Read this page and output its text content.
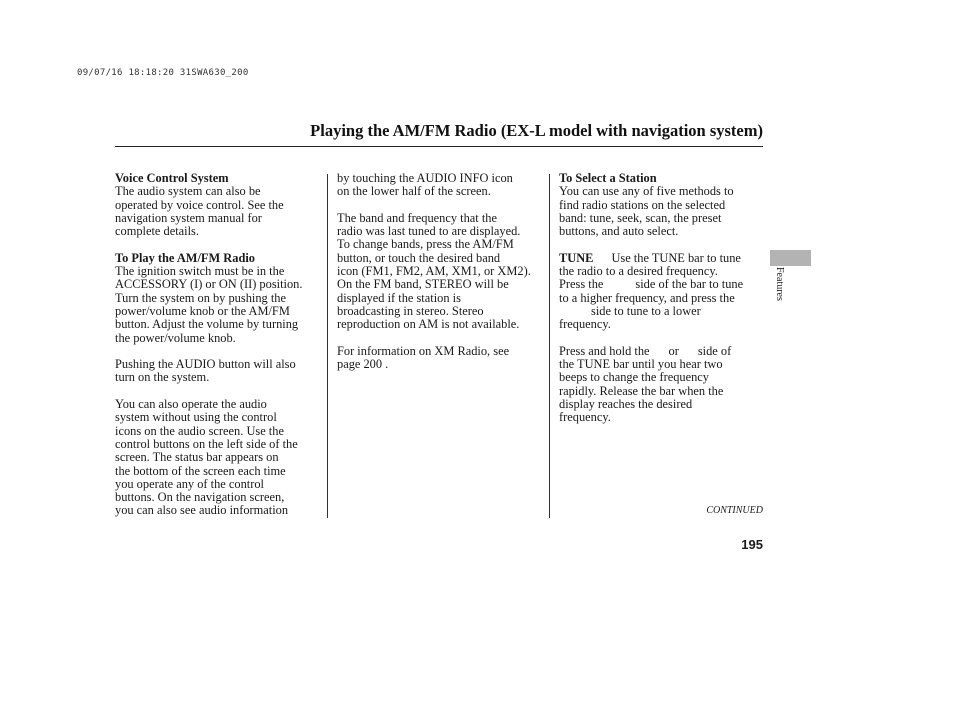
09/07/16 18:18:20 31SWA630_200
Playing the AM/FM Radio (EX-L model with navigation system)
Voice Control System
The audio system can also be
operated by voice control. See the
navigation system manual for
complete details.
To Play the AM/FM Radio
The ignition switch must be in the
ACCESSORY (I) or ON (II) position.
Turn the system on by pushing the
power/volume knob or the AM/FM
button. Adjust the volume by turning
the power/volume knob.
Pushing the AUDIO button will also
turn on the system.
You can also operate the audio
system without using the control
icons on the audio screen. Use the
control buttons on the left side of the
screen. The status bar appears on
the bottom of the screen each time
you operate any of the control
buttons. On the navigation screen,
you can also see audio information
by touching the AUDIO INFO icon
on the lower half of the screen.
The band and frequency that the
radio was last tuned to are displayed.
To change bands, press the AM/FM
button, or touch the desired band
icon (FM1, FM2, AM, XM1, or XM2).
On the FM band, STEREO will be
displayed if the station is
broadcasting in stereo. Stereo
reproduction on AM is not available.
For information on XM Radio, see
page 200 .
To Select a Station
You can use any of five methods to
find radio stations on the selected
band: tune, seek, scan, the preset
buttons, and auto select.
TUNE Use the TUNE bar to tune
the radio to a desired frequency.
Press the	side of the bar to tune
to a higher frequency, and press the
side to tune to a lower
frequency.
Press and hold the or side of
the TUNE bar until you hear two
beeps to change the frequency
rapidly. Release the bar when the
display reaches the desired
frequency.
Features
CONTINUED
195
